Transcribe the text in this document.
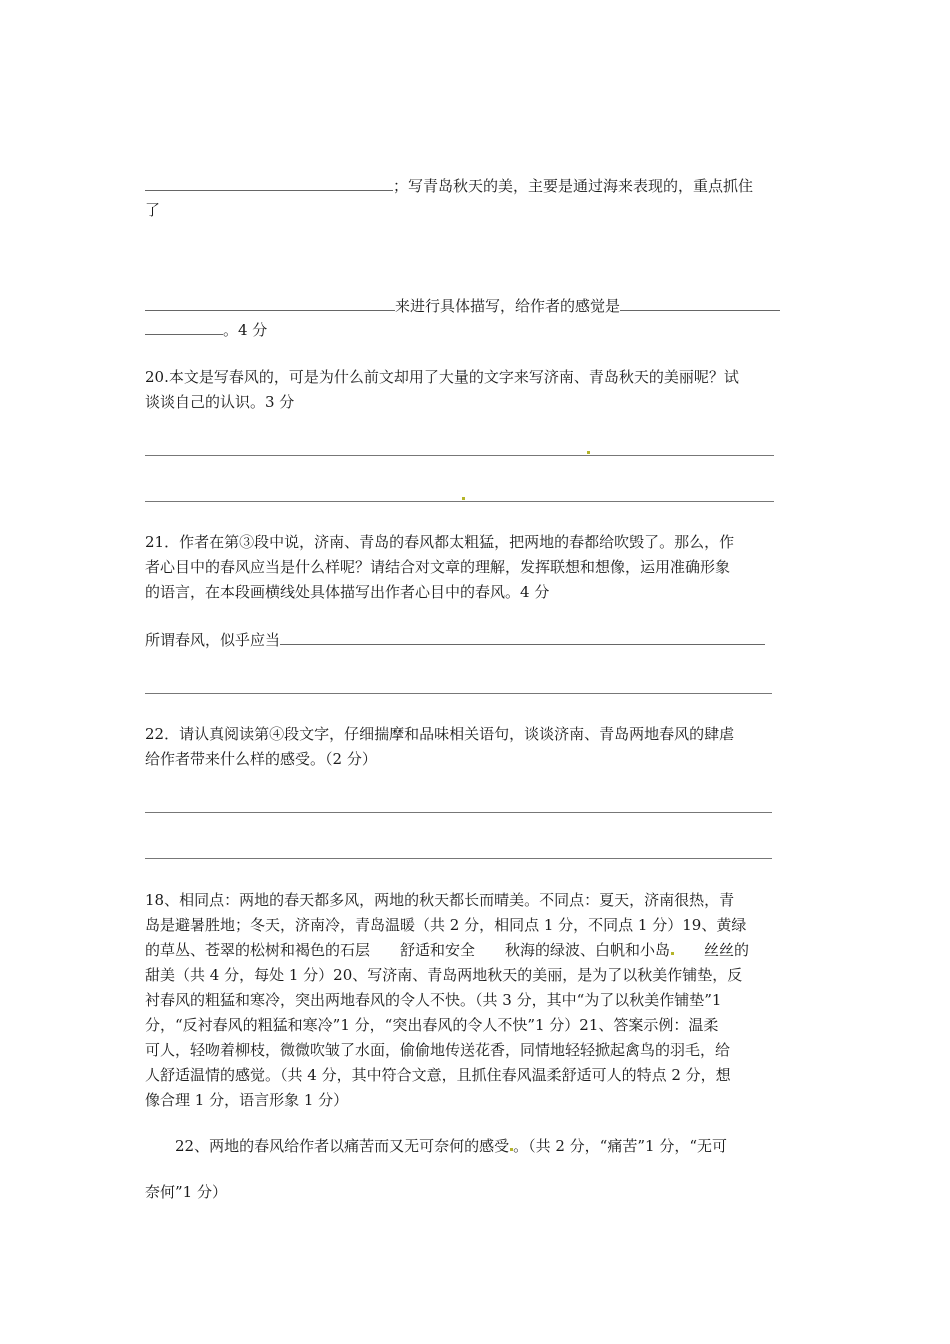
；写青岛秋天的美，主要是通过海来表现的，重点抓住
了
来进行具体描写，给作者的感觉是
。4 分
20.本文是写春风的，可是为什么前文却用了大量的文字来写济南、青岛秋天的美丽呢？试
谈谈自己的认识。3 分
21．作者在第③段中说，济南、青岛的春风都太粗猛，把两地的春都给吹毁了。那么，作
者心目中的春风应当是什么样呢？请结合对文章的理解，发挥联想和想像，运用准确形象
的语言，在本段画横线处具体描写出作者心目中的春风。4 分
所谓春风，似乎应当
22．请认真阅读第④段文字，仔细揣摩和品味相关语句，谈谈济南、青岛两地春风的肆虐
给作者带来什么样的感受。（2 分）
18、相同点：两地的春天都多风，两地的秋天都长而晴美。不同点：夏天，济南很热，青
岛是避暑胜地；冬天，济南冷，青岛温暖（共 2 分，相同点 1 分，不同点 1 分）19、黄绿
的草丛、苍翠的松树和褐色的石层 舒适和安全 秋海的绿波、白帆和小岛 丝丝的
甜美（共 4 分，每处 1 分）20、写济南、青岛两地秋天的美丽，是为了以秋美作铺垫，反
衬春风的粗猛和寒冷，突出两地春风的令人不快。（共 3 分，其中“为了以秋美作铺垫”1
分，“反衬春风的粗猛和寒冷”1 分，“突出春风的令人不快”1 分）21、答案示例：温柔
可人，轻吻着柳枝，微微吹皱了水面，偷偷地传送花香，同情地轻轻掀起禽鸟的羽毛，给
人舒适温情的感觉。（共 4 分，其中符合文意，且抓住春风温柔舒适可人的特点 2 分，想
像合理 1 分，语言形象 1 分）
22、两地的春风给作者以痛苦而又无可奈何的感受 。（共 2 分，“痛苦”1 分，“无可
奈何”1 分）
